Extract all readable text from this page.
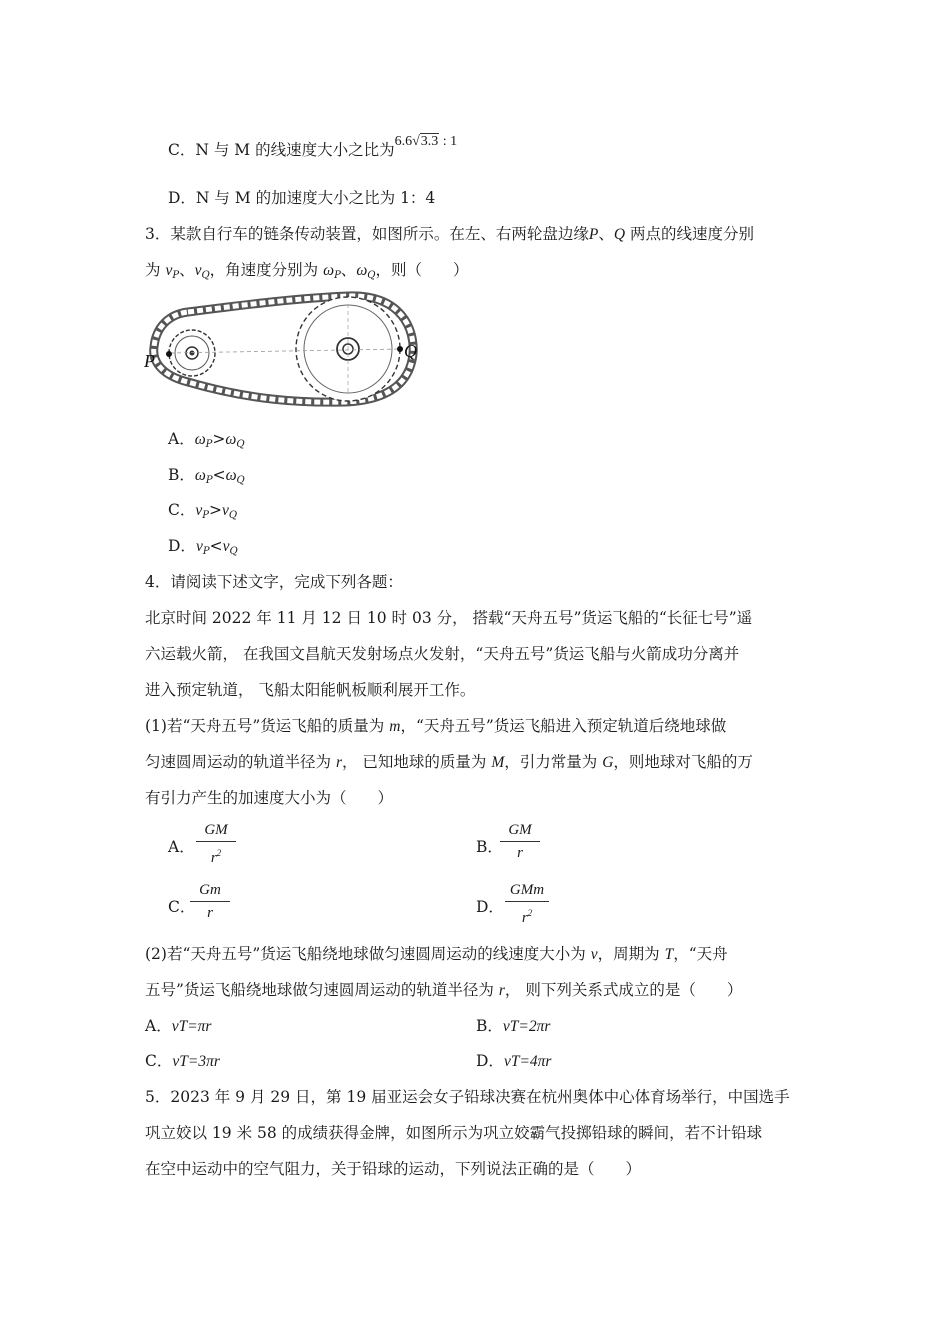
C．N 与 M 的线速度大小之比为6.6√3.3 : 1
D．N 与 M 的加速度大小之比为 1：4
3．某款自行车的链条传动装置，如图所示。在左、右两轮盘边缘P、Q 两点的线速度分别
为 $v_P$、$v_Q$，角速度分别为 $\omega_P$、$\omega_Q$，则（　　）
P	Q
A．$\omega_P>\omega_Q$
B．$\omega_P<\omega_Q$
C．$v_P>v_Q$
D．$v_P<v_Q$
4．请阅读下述文字，完成下列各题：
北京时间 2022 年 11 月 12 日 10 时 03 分， 搭载“天舟五号”货运飞船的“长征七号”遥
六运载火箭， 在我国文昌航天发射场点火发射，“天舟五号”货运飞船与火箭成功分离并
进入预定轨道， 飞船太阳能帆板顺利展开工作。
(1)若“天舟五号”货运飞船的质量为 m，“天舟五号”货运飞船进入预定轨道后绕地球做
匀速圆周运动的轨道半径为 r， 已知地球的质量为 M，引力常量为 G，则地球对飞船的万
有引力产生的加速度大小为（　　）
A．
GM
$r^2$	B．
GM
r
C．
Gm
r	D．
GMm
$r^2$
(2)若“天舟五号”货运飞船绕地球做匀速圆周运动的线速度大小为 v，周期为 T，“天舟
五号”货运飞船绕地球做匀速圆周运动的轨道半径为 r， 则下列关系式成立的是（　　）
A．vT=πr	B．vT=2πr
C．vT=3πr	D．vT=4πr
5．2023 年 9 月 29 日，第 19 届亚运会女子铅球决赛在杭州奥体中心体育场举行，中国选手
巩立姣以 19 米 58 的成绩获得金牌，如图所示为巩立姣霸气投掷铅球的瞬间，若不计铅球
在空中运动中的空气阻力，关于铅球的运动，下列说法正确的是（　　）
